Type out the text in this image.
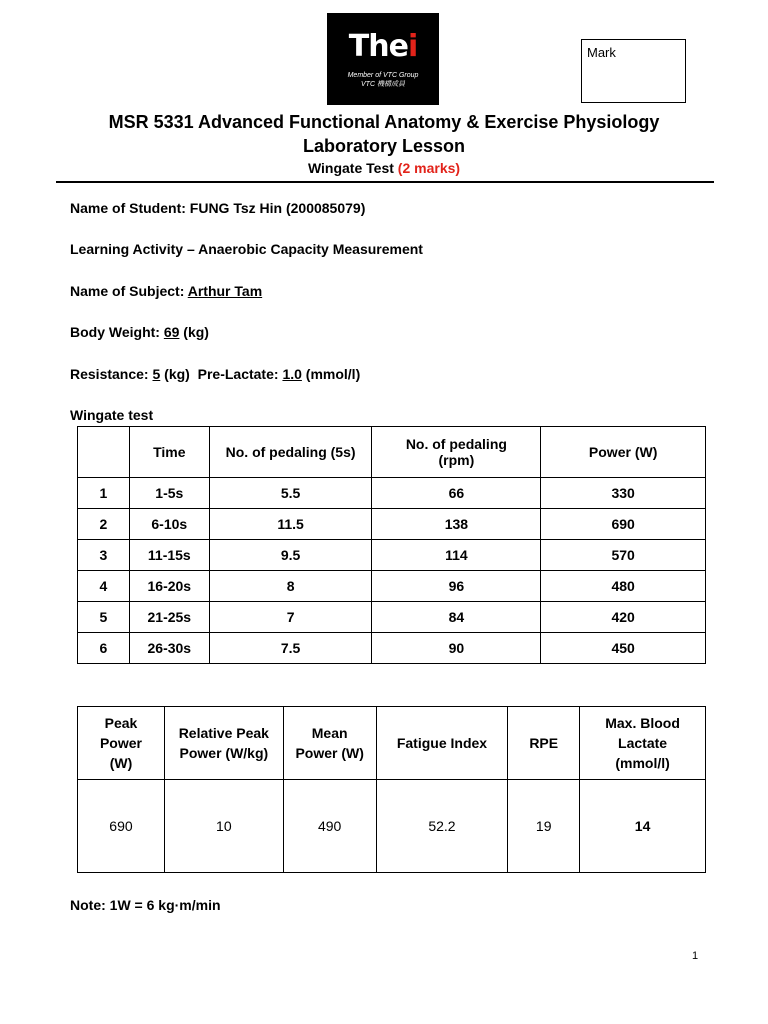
Thei
Member of VTC Group
VTC 機構成員
Mark
MSR 5331 Advanced Functional Anatomy & Exercise Physiology
Laboratory Lesson
Wingate Test (2 marks)
Name of Student: FUNG Tsz Hin (200085079)
Learning Activity – Anaerobic Capacity Measurement
Name of Subject: Arthur Tam
Body Weight: 69 (kg)
Resistance: 5 (kg)  Pre-Lactate: 1.0 (mmol/l)
Wingate test
	Time	No. of pedaling (5s)	No. of pedaling (rpm)	Power (W)
1	1-5s	5.5	66	330
2	6-10s	11.5	138	690
3	11-15s	9.5	114	570
4	16-20s	8	96	480
5	21-25s	7	84	420
6	26-30s	7.5	90	450
Peak Power (W)	Relative Peak Power (W/kg)	Mean Power (W)	Fatigue Index	RPE	Max. Blood Lactate (mmol/l)
690	10	490	52.2	19	14
Note: 1W = 6 kg·m/min
1
